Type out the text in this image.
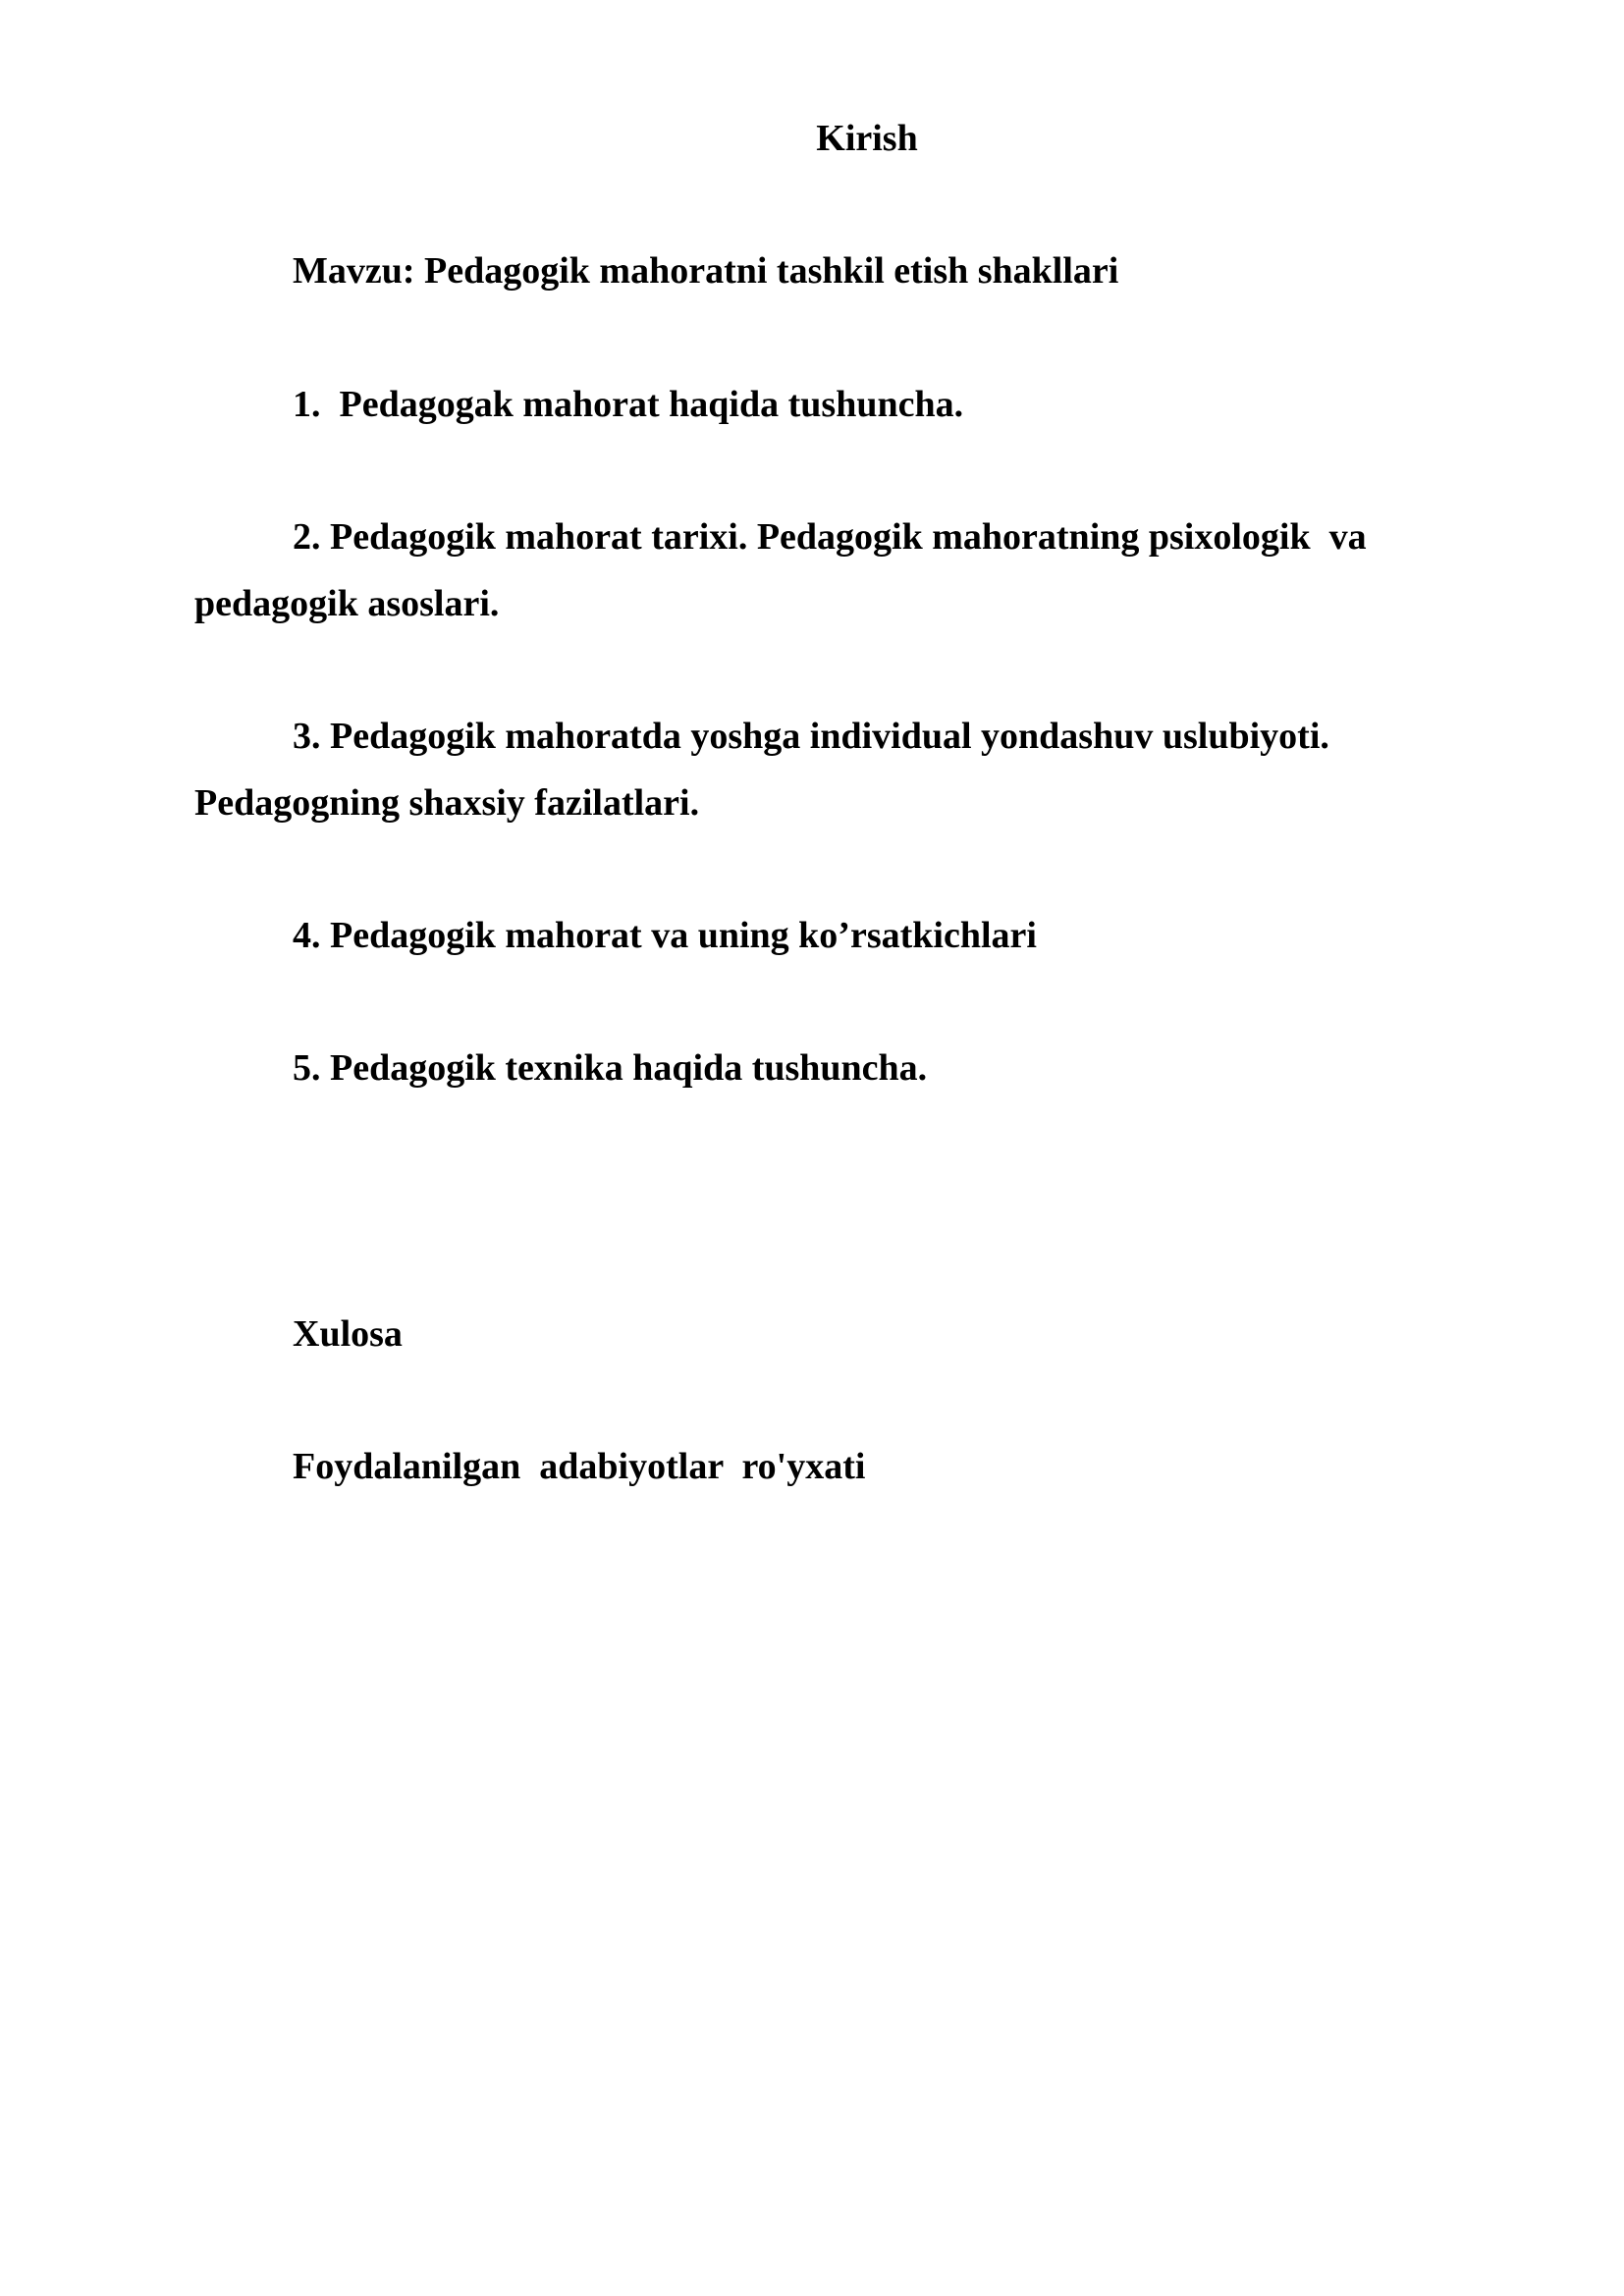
Kirish
Mavzu: Pedagogik mahoratni tashkil etish shakllari
1.  Pedagogak mahorat haqida tushuncha.
2. Pedagogik mahorat tarixi. Pedagogik mahoratning psixologik  va
pedagogik asoslari.
3. Pedagogik mahoratda yoshga individual yondashuv uslubiyoti.
Pedagogning shaxsiy fazilatlari.
4. Pedagogik mahorat va uning ko’rsatkichlari
5. Pedagogik texnika haqida tushuncha.
Xulosa
Foydalanilgan  adabiyotlar  ro'yxati
